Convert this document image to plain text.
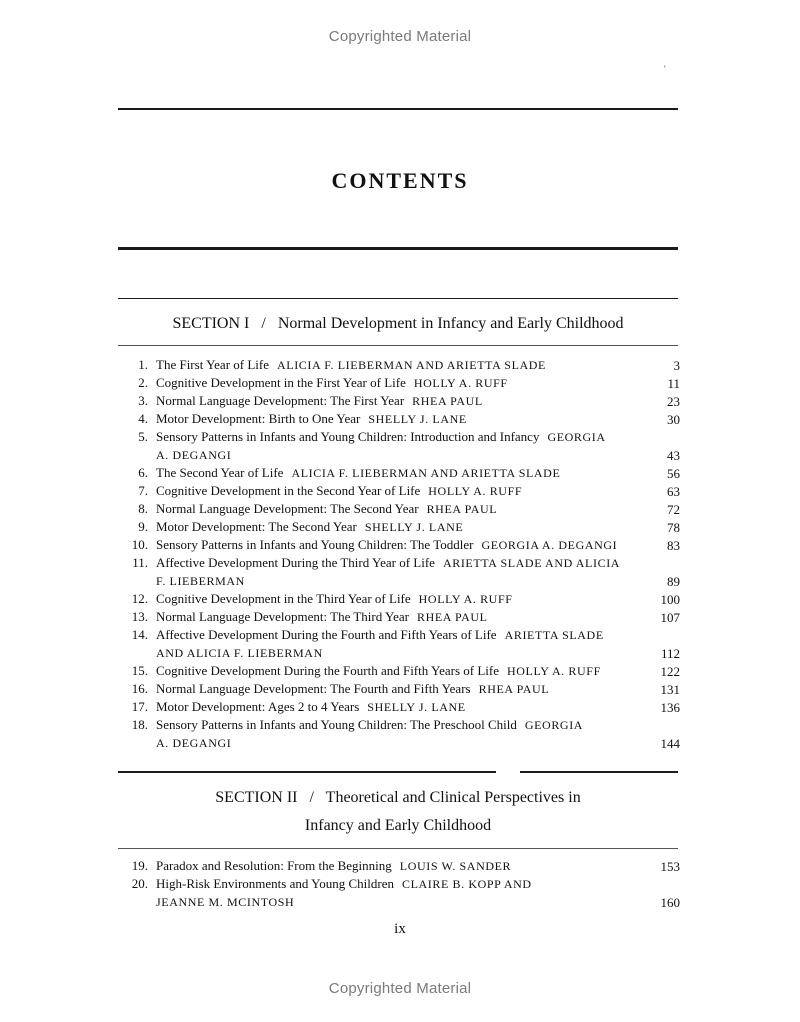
Copyrighted Material
'
CONTENTS
SECTION I / Normal Development in Infancy and Early Childhood
1. The First Year of Life ALICIA F. LIEBERMAN AND ARIETTA SLADE	3
2. Cognitive Development in the First Year of Life HOLLY A. RUFF	11
3. Normal Language Development: The First Year RHEA PAUL	23
4. Motor Development: Birth to One Year SHELLY J. LANE	30
5. Sensory Patterns in Infants and Young Children: Introduction and Infancy GEORGIA
A. DEGANGI	43
6. The Second Year of Life ALICIA F. LIEBERMAN AND ARIETTA SLADE	56
7. Cognitive Development in the Second Year of Life HOLLY A. RUFF	63
8. Normal Language Development: The Second Year RHEA PAUL	72
9. Motor Development: The Second Year SHELLY J. LANE	78
10. Sensory Patterns in Infants and Young Children: The Toddler GEORGIA A. DEGANGI	83
11. Affective Development During the Third Year of Life ARIETTA SLADE AND ALICIA
F. LIEBERMAN	89
12. Cognitive Development in the Third Year of Life HOLLY A. RUFF	100
13. Normal Language Development: The Third Year RHEA PAUL	107
14. Affective Development During the Fourth and Fifth Years of Life ARIETTA SLADE
AND ALICIA F. LIEBERMAN	112
15. Cognitive Development During the Fourth and Fifth Years of Life HOLLY A. RUFF	122
16. Normal Language Development: The Fourth and Fifth Years RHEA PAUL	131
17. Motor Development: Ages 2 to 4 Years SHELLY J. LANE	136
18. Sensory Patterns in Infants and Young Children: The Preschool Child GEORGIA
A. DEGANGI	144
SECTION II / Theoretical and Clinical Perspectives in
Infancy and Early Childhood
19. Paradox and Resolution: From the Beginning LOUIS W. SANDER	153
20. High-Risk Environments and Young Children CLAIRE B. KOPP AND
JEANNE M. MCINTOSH	160
ix
Copyrighted Material
